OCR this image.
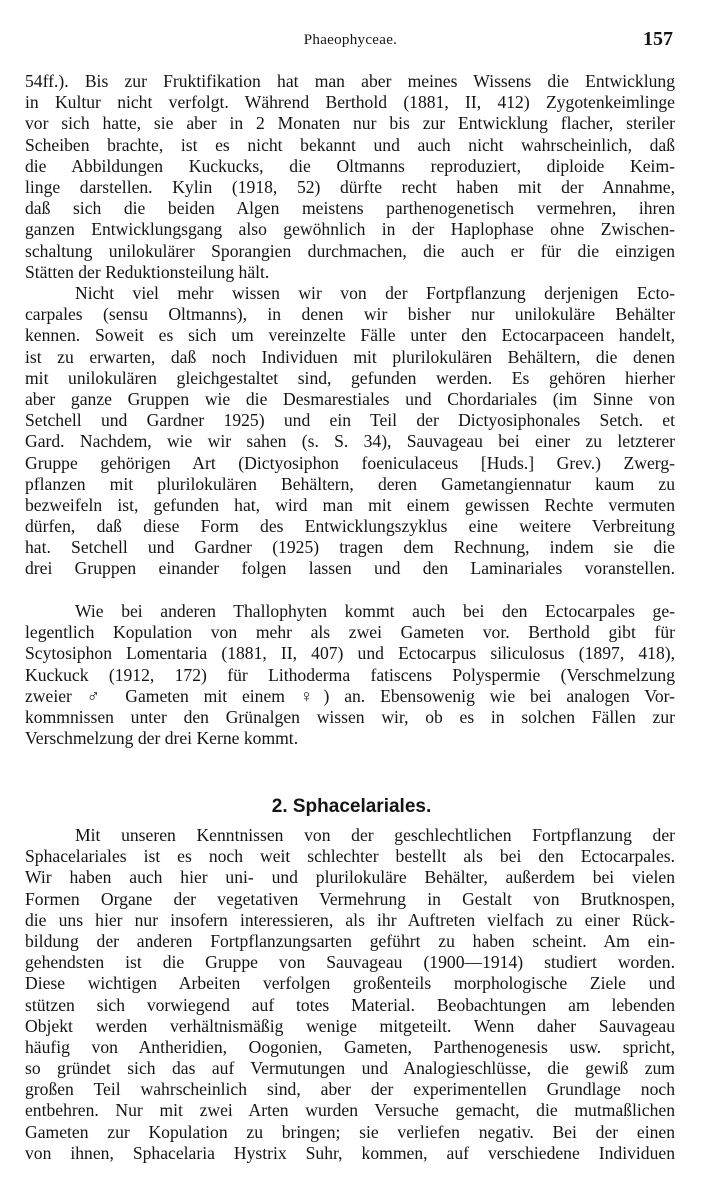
Phaeophyceae.	157
54ff.). Bis zur Fruktifikation hat man aber meines Wissens die Entwicklung
in Kultur nicht verfolgt. Während Berthold (1881, II, 412) Zygotenkeimlinge
vor sich hatte, sie aber in 2 Monaten nur bis zur Entwicklung flacher, steriler
Scheiben brachte, ist es nicht bekannt und auch nicht wahrscheinlich, daß
die Abbildungen Kuckucks, die Oltmanns reproduziert, diploide Keim-
linge darstellen. Kylin (1918, 52) dürfte recht haben mit der Annahme,
daß sich die beiden Algen meistens parthenogenetisch vermehren, ihren
ganzen Entwicklungsgang also gewöhnlich in der Haplophase ohne Zwischen-
schaltung unilokulärer Sporangien durchmachen, die auch er für die einzigen
Stätten der Reduktionsteilung hält.
Nicht viel mehr wissen wir von der Fortpflanzung derjenigen Ecto-
carpales (sensu Oltmanns), in denen wir bisher nur unilokuläre Behälter
kennen. Soweit es sich um vereinzelte Fälle unter den Ectocarpaceen handelt,
ist zu erwarten, daß noch Individuen mit plurilokulären Behältern, die denen
mit unilokulären gleichgestaltet sind, gefunden werden. Es gehören hierher
aber ganze Gruppen wie die Desmarestiales und Chordariales (im Sinne von
Setchell und Gardner 1925) und ein Teil der Dictyosiphonales Setch. et
Gard. Nachdem, wie wir sahen (s. S. 34), Sauvageau bei einer zu letzterer
Gruppe gehörigen Art (Dictyosiphon foeniculaceus [Huds.] Grev.) Zwerg-
pflanzen mit plurilokulären Behältern, deren Gametangiennatur kaum zu
bezweifeln ist, gefunden hat, wird man mit einem gewissen Rechte vermuten
dürfen, daß diese Form des Entwicklungszyklus eine weitere Verbreitung
hat. Setchell und Gardner (1925) tragen dem Rechnung, indem sie die
drei Gruppen einander folgen lassen und den Laminariales voranstellen.
Wie bei anderen Thallophyten kommt auch bei den Ectocarpales ge-
legentlich Kopulation von mehr als zwei Gameten vor. Berthold gibt für
Scytosiphon Lomentaria (1881, II, 407) und Ectocarpus siliculosus (1897, 418),
Kuckuck (1912, 172) für Lithoderma fatiscens Polyspermie (Verschmelzung
zweier ♂ Gameten mit einem ♀) an. Ebensowenig wie bei analogen Vor-
kommnissen unter den Grünalgen wissen wir, ob es in solchen Fällen zur
Verschmelzung der drei Kerne kommt.
2. Sphacelariales.
Mit unseren Kenntnissen von der geschlechtlichen Fortpflanzung der
Sphacelariales ist es noch weit schlechter bestellt als bei den Ectocarpales.
Wir haben auch hier uni- und plurilokuläre Behälter, außerdem bei vielen
Formen Organe der vegetativen Vermehrung in Gestalt von Brutknospen,
die uns hier nur insofern interessieren, als ihr Auftreten vielfach zu einer Rück-
bildung der anderen Fortpflanzungsarten geführt zu haben scheint. Am ein-
gehendsten ist die Gruppe von Sauvageau (1900—1914) studiert worden.
Diese wichtigen Arbeiten verfolgen großenteils morphologische Ziele und
stützen sich vorwiegend auf totes Material. Beobachtungen am lebenden
Objekt werden verhältnismäßig wenige mitgeteilt. Wenn daher Sauvageau
häufig von Antheridien, Oogonien, Gameten, Parthenogenesis usw. spricht,
so gründet sich das auf Vermutungen und Analogieschlüsse, die gewiß zum
großen Teil wahrscheinlich sind, aber der experimentellen Grundlage noch
entbehren. Nur mit zwei Arten wurden Versuche gemacht, die mutmaßlichen
Gameten zur Kopulation zu bringen; sie verliefen negativ. Bei der einen
von ihnen, Sphacelaria Hystrix Suhr, kommen, auf verschiedene Individuen
